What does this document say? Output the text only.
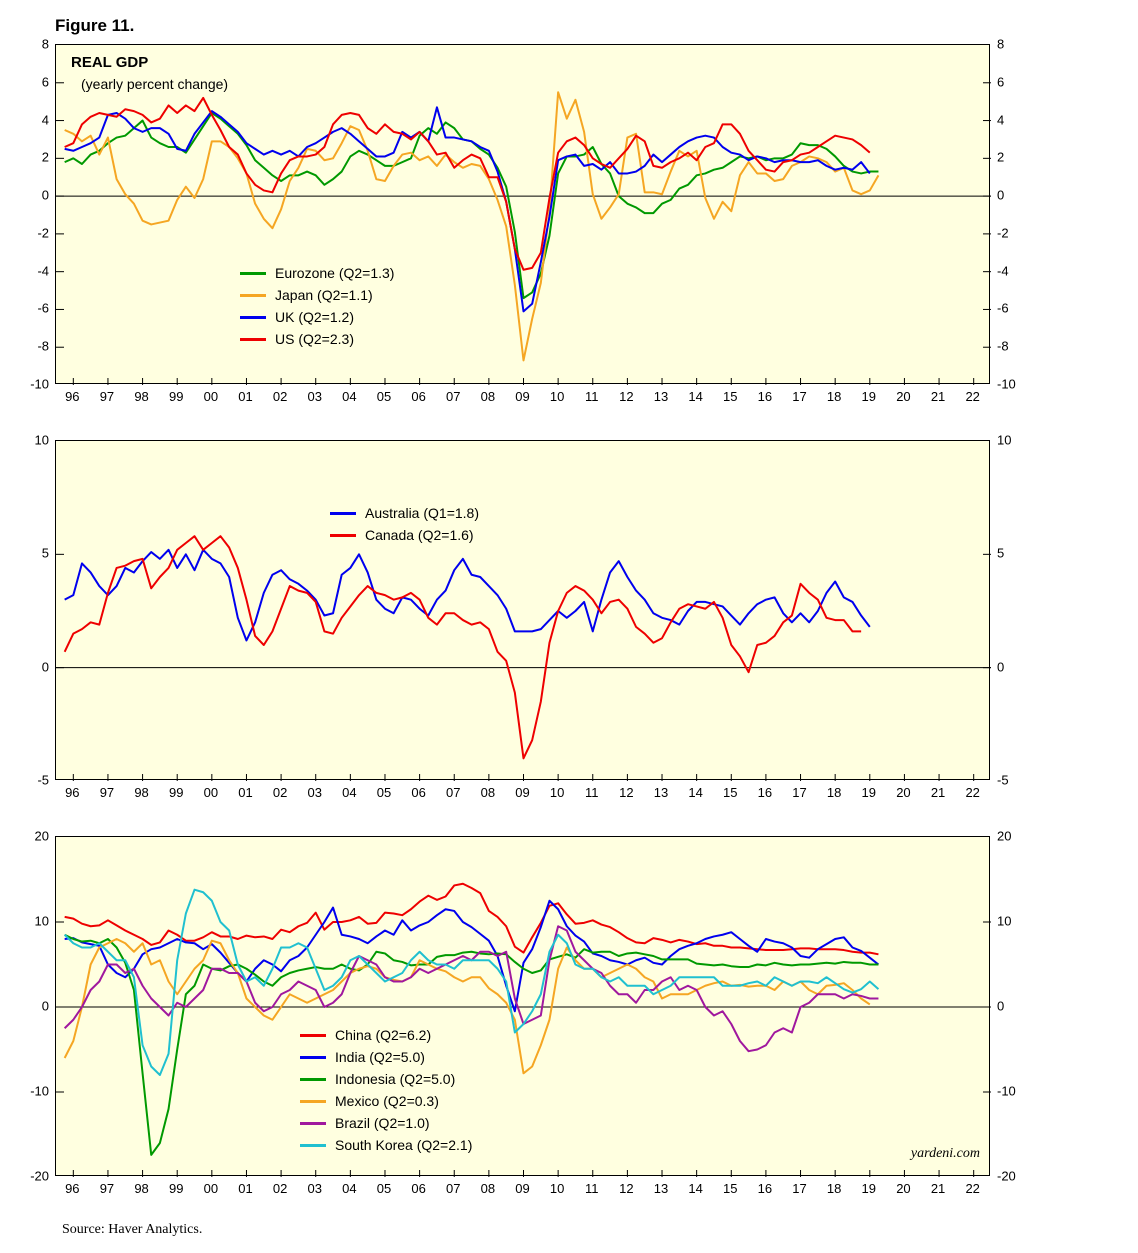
Figure 11.
-10	-10
-8	-8
-6	-6
-4	-4
-2	-2
0	0
2	2
4	4
6	6
8	8
96 97 98 99 00 01 02 03 04 05 06 07 08 09 10 11 12 13 14 15 16 17 18 19 20 21 22
REAL GDP
(yearly percent change)
Eurozone (Q2=1.3)
Japan (Q2=1.1)
UK (Q2=1.2)
US (Q2=2.3)
-5	-5
0	0
5	5
10	10
96 97 98 99 00 01 02 03 04 05 06 07 08 09 10 11 12 13 14 15 16 17 18 19 20 21 22
Australia (Q1=1.8)
Canada (Q2=1.6)
-20	-20
-10	-10
0	0
10	10
20	20
96 97 98 99 00 01 02 03 04 05 06 07 08 09 10 11 12 13 14 15 16 17 18 19 20 21 22
China (Q2=6.2)
India (Q2=5.0)
Indonesia (Q2=5.0)
Mexico (Q2=0.3)
Brazil (Q2=1.0)
South Korea (Q2=2.1)
yardeni.com
Source: Haver Analytics.
